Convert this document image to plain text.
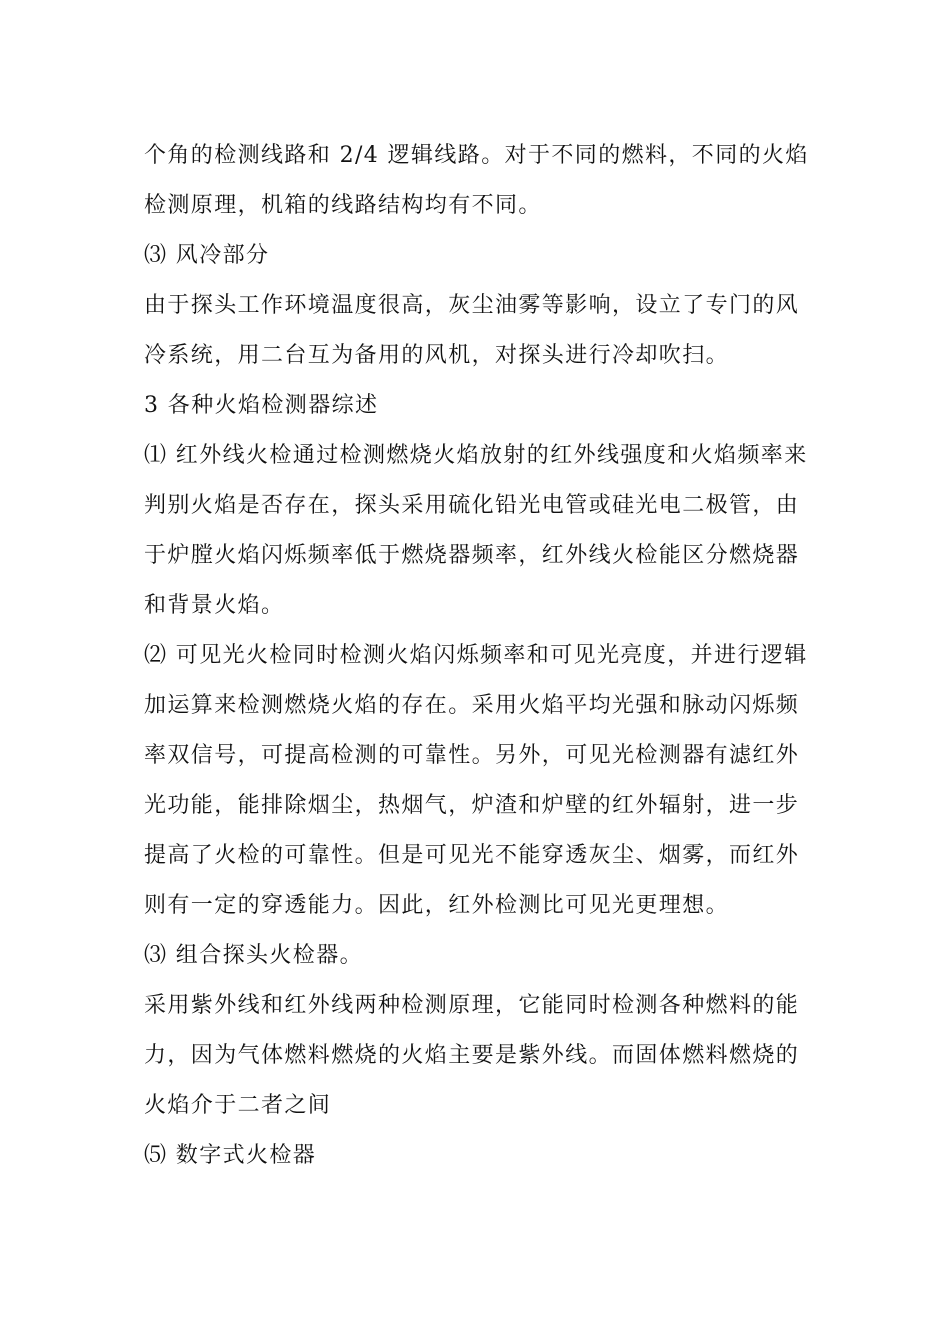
个角的检测线路和 2/4 逻辑线路。对于不同的燃料，不同的火焰
检测原理，机箱的线路结构均有不同。
⑶ 风冷部分
由于探头工作环境温度很高，灰尘油雾等影响，设立了专门的风
冷系统，用二台互为备用的风机，对探头进行冷却吹扫。
3 各种火焰检测器综述
⑴ 红外线火检通过检测燃烧火焰放射的红外线强度和火焰频率来
判别火焰是否存在，探头采用硫化铅光电管或硅光电二极管，由
于炉膛火焰闪烁频率低于燃烧器频率，红外线火检能区分燃烧器
和背景火焰。
⑵ 可见光火检同时检测火焰闪烁频率和可见光亮度，并进行逻辑
加运算来检测燃烧火焰的存在。采用火焰平均光强和脉动闪烁频
率双信号，可提高检测的可靠性。另外，可见光检测器有滤红外
光功能，能排除烟尘，热烟气，炉渣和炉壁的红外辐射，进一步
提高了火检的可靠性。但是可见光不能穿透灰尘、烟雾，而红外
则有一定的穿透能力。因此，红外检测比可见光更理想。
⑶ 组合探头火检器。
采用紫外线和红外线两种检测原理，它能同时检测各种燃料的能
力，因为气体燃料燃烧的火焰主要是紫外线。而固体燃料燃烧的
火焰介于二者之间
⑸ 数字式火检器
